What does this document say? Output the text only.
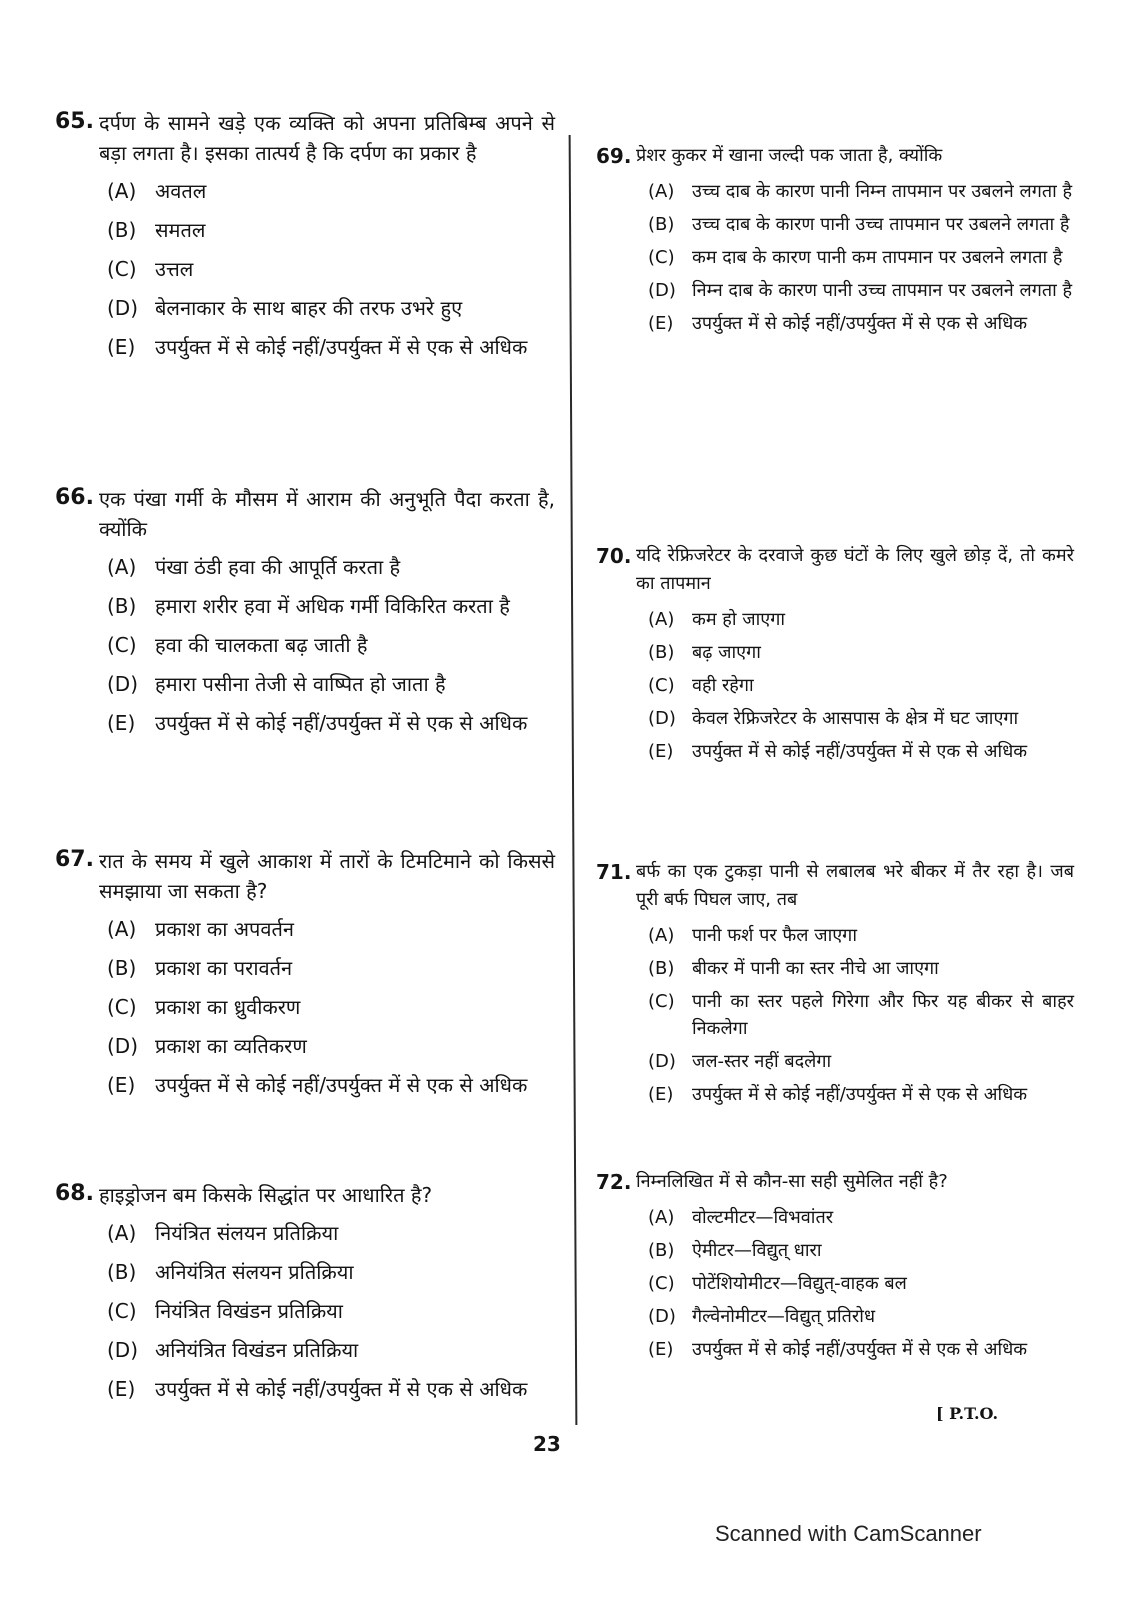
65. दर्पण के सामने खड़े एक व्यक्ति को अपना प्रतिबिम्ब अपने से बड़ा लगता है। इसका तात्पर्य है कि दर्पण का प्रकार है
(A) अवतल
(B) समतल
(C) उत्तल
(D) बेलनाकार के साथ बाहर की तरफ उभरे हुए
(E) उपर्युक्त में से कोई नहीं/उपर्युक्त में से एक से अधिक
66. एक पंखा गर्मी के मौसम में आराम की अनुभूति पैदा करता है, क्योंकि
(A) पंखा ठंडी हवा की आपूर्ति करता है
(B) हमारा शरीर हवा में अधिक गर्मी विकिरित करता है
(C) हवा की चालकता बढ़ जाती है
(D) हमारा पसीना तेजी से वाष्पित हो जाता है
(E) उपर्युक्त में से कोई नहीं/उपर्युक्त में से एक से अधिक
67. रात के समय में खुले आकाश में तारों के टिमटिमाने को किससे समझाया जा सकता है?
(A) प्रकाश का अपवर्तन
(B) प्रकाश का परावर्तन
(C) प्रकाश का ध्रुवीकरण
(D) प्रकाश का व्यतिकरण
(E) उपर्युक्त में से कोई नहीं/उपर्युक्त में से एक से अधिक
68. हाइड्रोजन बम किसके सिद्धांत पर आधारित है?
(A) नियंत्रित संलयन प्रतिक्रिया
(B) अनियंत्रित संलयन प्रतिक्रिया
(C) नियंत्रित विखंडन प्रतिक्रिया
(D) अनियंत्रित विखंडन प्रतिक्रिया
(E) उपर्युक्त में से कोई नहीं/उपर्युक्त में से एक से अधिक
69. प्रेशर कुकर में खाना जल्दी पक जाता है, क्योंकि
(A) उच्च दाब के कारण पानी निम्न तापमान पर उबलने लगता है
(B) उच्च दाब के कारण पानी उच्च तापमान पर उबलने लगता है
(C) कम दाब के कारण पानी कम तापमान पर उबलने लगता है
(D) निम्न दाब के कारण पानी उच्च तापमान पर उबलने लगता है
(E)	उपर्युक्त में से कोई नहीं/उपर्युक्त में से एक से अधिक
70. यदि रेफ्रिजरेटर के दरवाजे कुछ घंटों के लिए खुले छोड़ दें, तो कमरे का तापमान
(A) कम हो जाएगा
(B) बढ़ जाएगा
(C) वही रहेगा
(D) केवल रेफ्रिजरेटर के आसपास के क्षेत्र में घट जाएगा
(E)	उपर्युक्त में से कोई नहीं/उपर्युक्त में से एक से अधिक
71. बर्फ का एक टुकड़ा पानी से लबालब भरे बीकर में तैर रहा है। जब पूरी बर्फ पिघल जाए, तब
(A) पानी फर्श पर फैल जाएगा
(B) बीकर में पानी का स्तर नीचे आ जाएगा
(C) पानी का स्तर पहले गिरेगा और फिर यह बीकर से बाहर निकलेगा
(D) जल-स्तर नहीं बदलेगा
(E)	उपर्युक्त में से कोई नहीं/उपर्युक्त में से एक से अधिक
72. निम्नलिखित में से कौन-सा सही सुमेलित नहीं है?
(A) वोल्टमीटर—विभवांतर
(B) ऐमीटर—विद्युत् धारा
(C) पोटेंशियोमीटर—विद्युत्-वाहक बल
(D) गैल्वेनोमीटर—विद्युत् प्रतिरोध
(E)	उपर्युक्त में से कोई नहीं/उपर्युक्त में से एक से अधिक
[ P.T.O.
23
Scanned with CamScanner
